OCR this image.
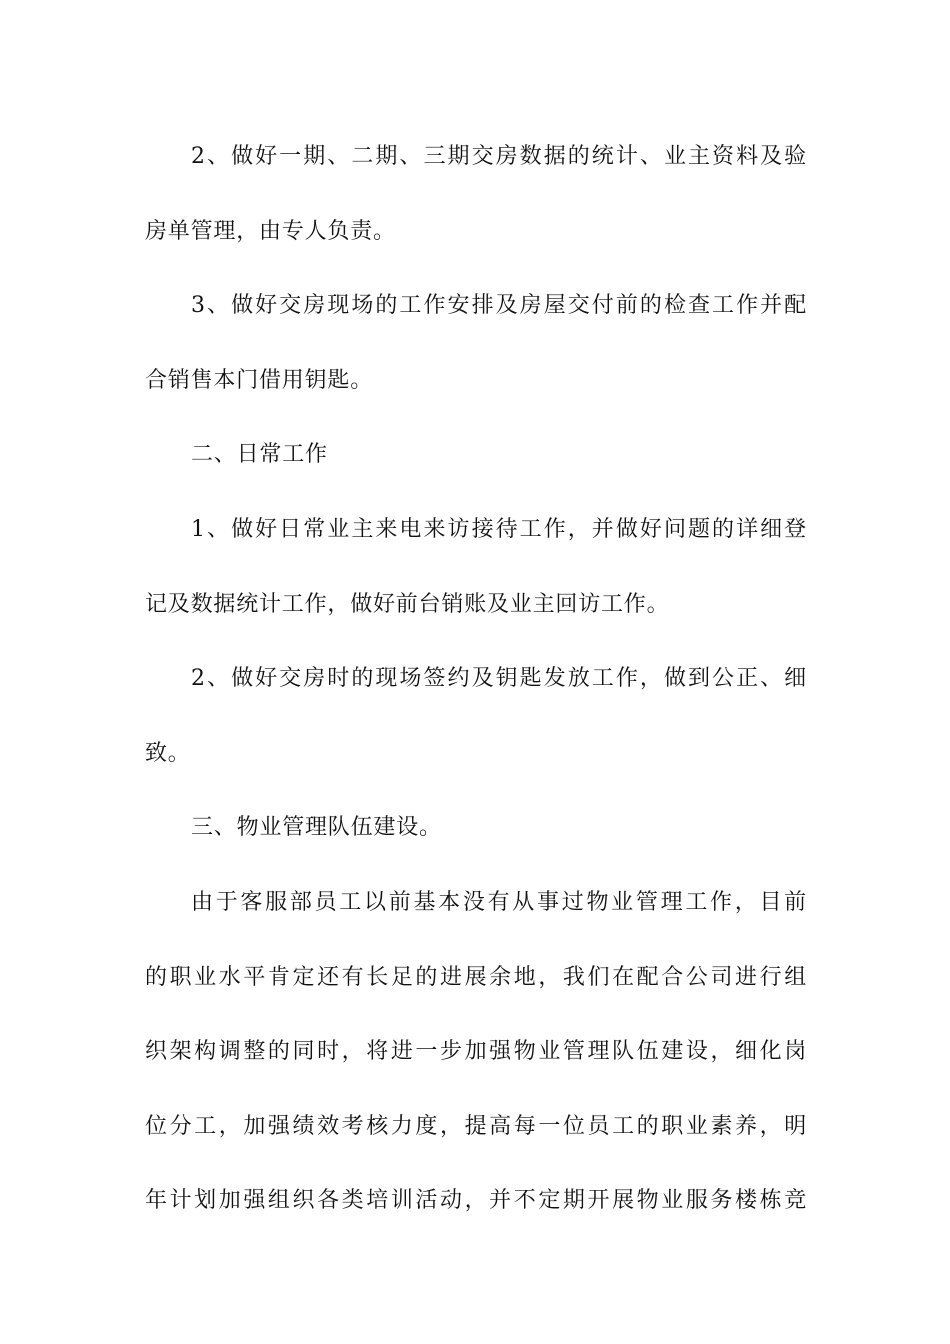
2、做好一期、二期、三期交房数据的统计、业主资料及验
房单管理，由专人负责。
3、做好交房现场的工作安排及房屋交付前的检查工作并配
合销售本门借用钥匙。
二、日常工作
1、做好日常业主来电来访接待工作，并做好问题的详细登
记及数据统计工作，做好前台销账及业主回访工作。
2、做好交房时的现场签约及钥匙发放工作，做到公正、细
致。
三、物业管理队伍建设。
由于客服部员工以前基本没有从事过物业管理工作，目前
的职业水平肯定还有长足的进展余地，我们在配合公司进行组
织架构调整的同时，将进一步加强物业管理队伍建设，细化岗
位分工，加强绩效考核力度，提高每一位员工的职业素养，明
年计划加强组织各类培训活动，并不定期开展物业服务楼栋竞
